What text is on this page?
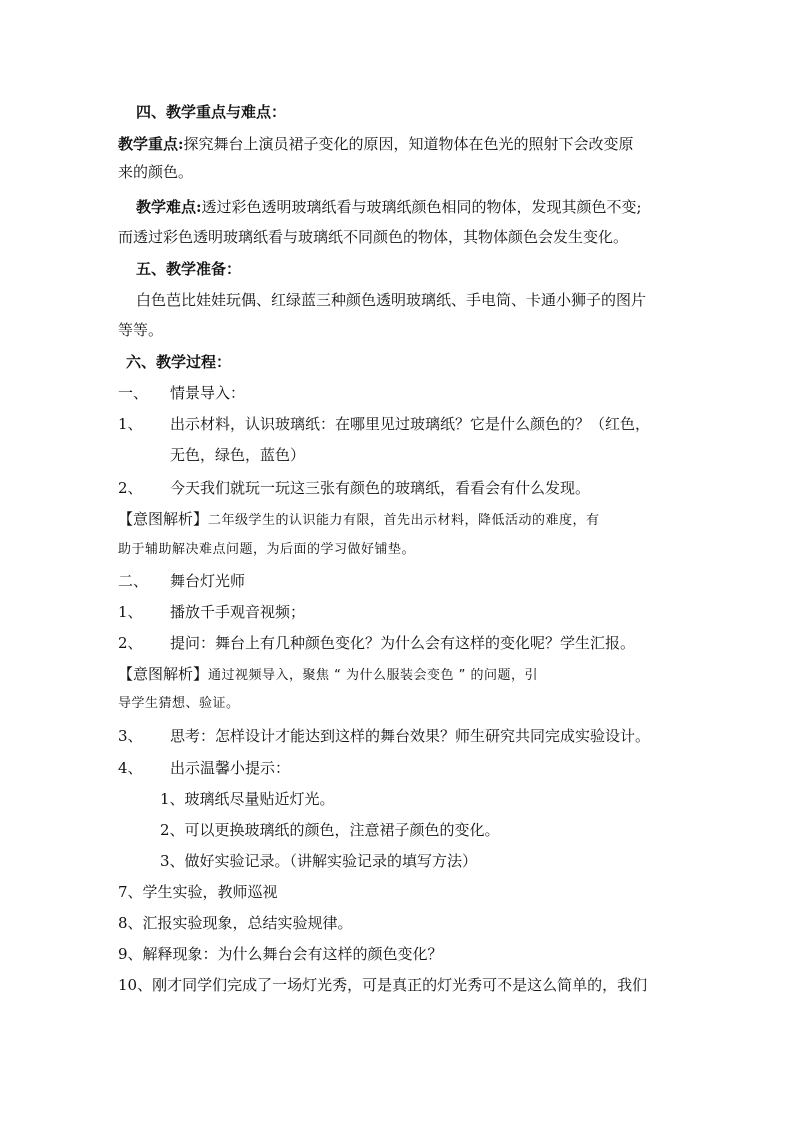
四、教学重点与难点：
教学重点:探究舞台上演员裙子变化的原因，知道物体在色光的照射下会改变原
来的颜色。
教学难点:透过彩色透明玻璃纸看与玻璃纸颜色相同的物体，发现其颜色不变;
而透过彩色透明玻璃纸看与玻璃纸不同颜色的物体，其物体颜色会发生变化。
五、教学准备：
白色芭比娃娃玩偶、红绿蓝三种颜色透明玻璃纸、手电筒、卡通小狮子的图片
等等。
六、教学过程：
一、 情景导入：
1、 出示材料，认识玻璃纸：在哪里见过玻璃纸？它是什么颜色的？（红色，
无色，绿色，蓝色）
2、 今天我们就玩一玩这三张有颜色的玻璃纸，看看会有什么发现。
【意图解析】二年级学生的认识能力有限，首先出示材料，降低活动的难度，有
助于辅助解决难点问题，为后面的学习做好铺垫。
二、 舞台灯光师
1、 播放千手观音视频；
2、 提问：舞台上有几种颜色变化？为什么会有这样的变化呢？学生汇报。
【意图解析】通过视频导入，聚焦 “ 为什么服装会变色 ” 的问题，引
导学生猜想、验证。
3、 思考：怎样设计才能达到这样的舞台效果？师生研究共同完成实验设计。
4、 出示温馨小提示：
1、玻璃纸尽量贴近灯光。
2、可以更换玻璃纸的颜色，注意裙子颜色的变化。
3、做好实验记录。（讲解实验记录的填写方法）
7、学生实验，教师巡视
8、汇报实验现象，总结实验规律。
9、解释现象：为什么舞台会有这样的颜色变化？
10、刚才同学们完成了一场灯光秀，可是真正的灯光秀可不是这么简单的，我们
